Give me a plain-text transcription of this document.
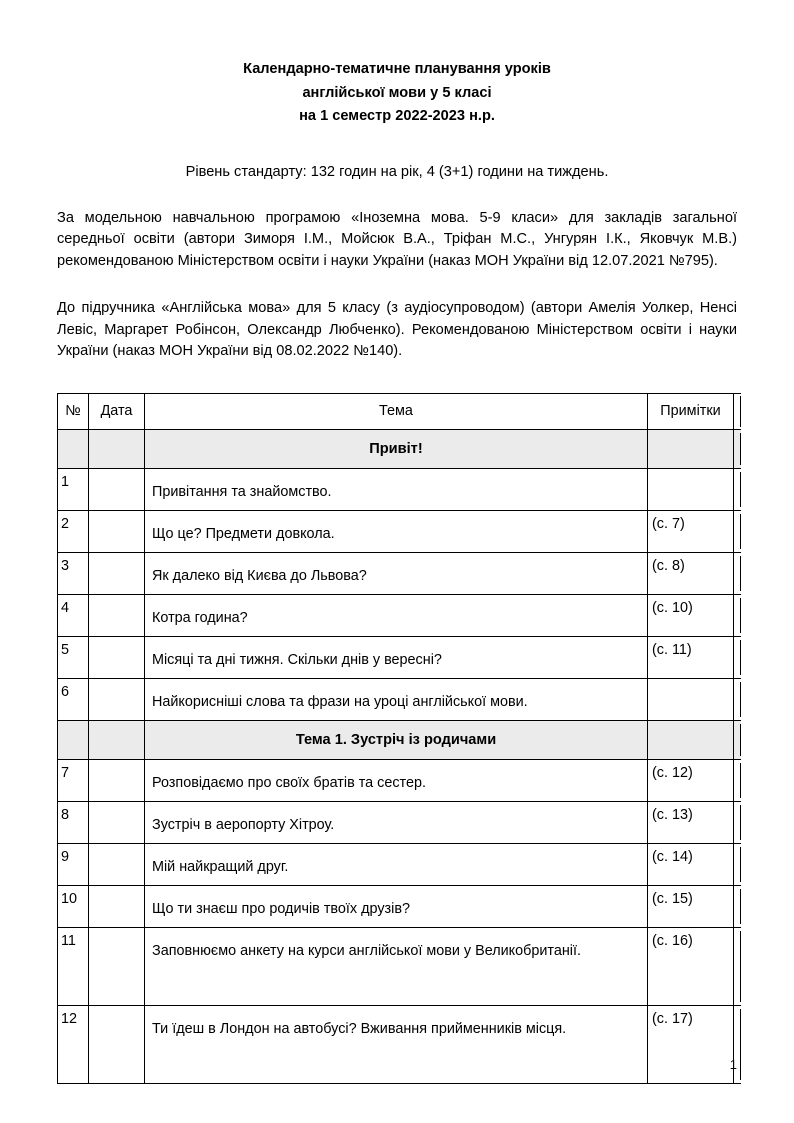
Календарно-тематичне планування уроків
англійської мови у 5 класі
на 1 семестр 2022-2023 н.р.
Рівень стандарту: 132 годин на рік, 4 (3+1) години на тиждень.
За модельною навчальною програмою «Іноземна мова. 5-9 класи» для закладів загальної середньої освіти (автори Зиморя І.М., Мойсюк В.А., Тріфан М.С., Унгурян І.К., Яковчук М.В.) рекомендованою Міністерством освіти і науки України (наказ МОН України від 12.07.2021 №795).
До підручника «Англійська мова» для 5 класу (з аудіосупроводом) (автори Амелія Уолкер, Ненсі Левіс, Маргарет Робінсон, Олександр Любченко). Рекомендованою Міністерством освіти і науки України (наказ МОН України від 08.02.2022 №140).
№	Дата	Тема	Примітки	
		Привіт!		
1		Привітання та знайомство.		
2		Що це? Предмети довкола.	(с. 7)	
3		Як далеко від Києва до Львова?	(с. 8)	
4		Котра година?	(с. 10)	
5		Місяці та дні тижня. Скільки днів у вересні?	(с. 11)	
6		Найкорисніші слова та фрази на уроці англійської мови.		
		Тема 1. Зустріч із родичами		
7		Розповідаємо про своїх братів та сестер.	(с. 12)	
8		Зустріч в аеропорту Хітроу.	(с. 13)	
9		Мій найкращий друг.	(с. 14)	
10		Що ти знаєш про родичів твоїх друзів?	(с. 15)	
11		Заповнюємо анкету на курси англійської мови у Великобританії.	(с. 16)	
12		Ти їдеш в Лондон на автобусі? Вживання прийменників місця.	(с. 17)	
1
